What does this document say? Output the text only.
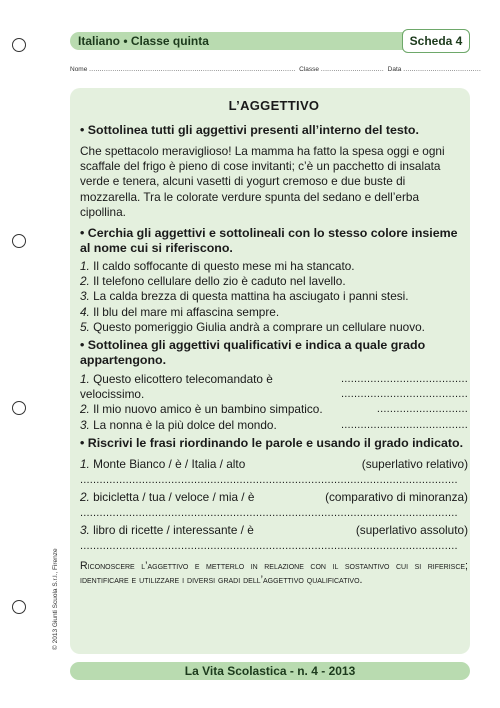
Italiano • Classe quinta	Scheda 4
Nome .................................................................................................. Classe .............................. Data .....................................
L’AGGETTIVO

• Sottolinea tutti gli aggettivi presenti all’interno del testo.

Che spettacolo meraviglioso! La mamma ha fatto la spesa oggi e ogni scaffale del frigo è pieno di cose invitanti; c’è un pacchetto di insalata verde e tenera, alcuni vasetti di yogurt cremoso e due buste di mozzarella. Tra le colorate verdure spunta del sedano e dell’erba cipollina.

• Cerchia gli aggettivi e sottolineali con lo stesso colore insieme al nome cui si riferiscono.

1. Il caldo soffocante di questo mese mi ha stancato.

2. Il telefono cellulare dello zio è caduto nel lavello.

3. La calda brezza di questa mattina ha asciugato i panni stesi.

4. Il blu del mare mi affascina sempre.

5. Questo pomeriggio Giulia andrà a comprare un cellulare nuovo.

• Sottolinea gli aggettivi qualificativi e indica a quale grado appartengono.

1. Questo elicottero telecomandato è	.......................................
velocissimo.	.......................................
2. Il mio nuovo amico è un bambino simpatico.	............................
3. La nonna è la più dolce del mondo.	.......................................

• Riscrivi le frasi riordinando le parole e usando il grado indicato.

1. Monte Bianco / è / Italia / alto	(superlativo relativo)
....................................................................................................................
2. bicicletta / tua / veloce / mia / è	(comparativo di minoranza)
....................................................................................................................
3. libro di ricette / interessante / è	(superlativo assoluto)
....................................................................................................................

Riconoscere l’aggettivo e metterlo in relazione con il sostantivo cui si riferisce; identificare e utilizzare i diversi gradi dell’aggettivo qualificativo.

La Vita Scolastica - n. 4 - 2013
© 2013 Giunti Scuola S.r.l., Firenze
